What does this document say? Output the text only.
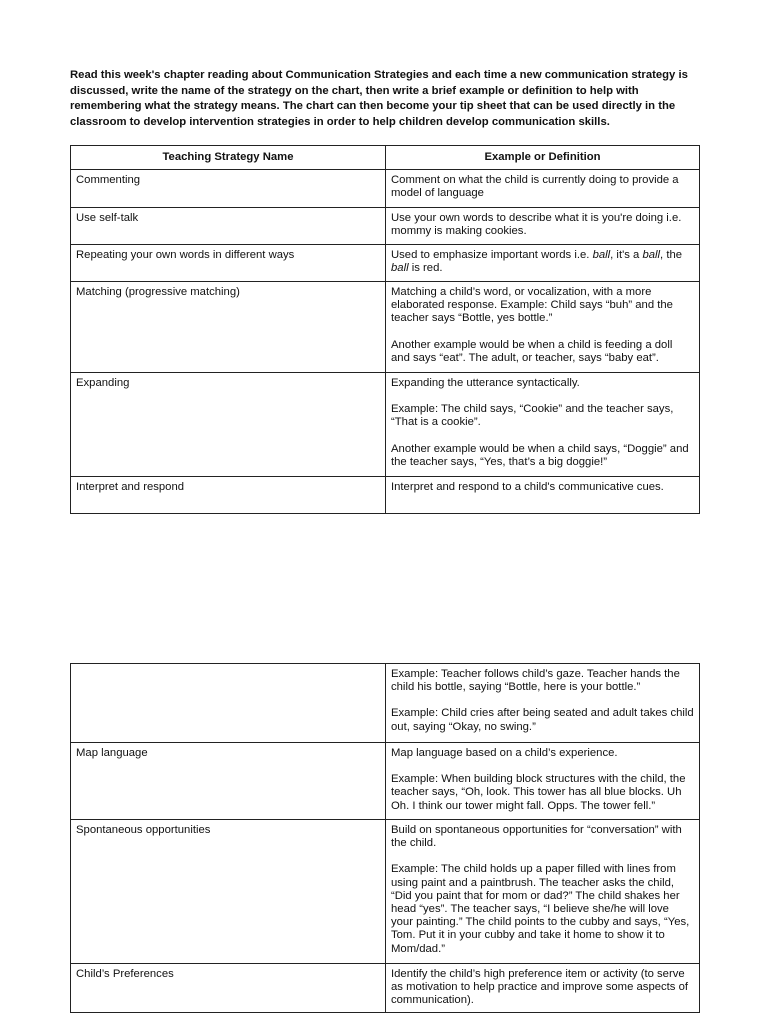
Read this week's chapter reading about Communication Strategies and each time a new communication strategy is discussed, write the name of the strategy on the chart, then write a brief example or definition to help with remembering what the strategy means. The chart can then become your tip sheet that can be used directly in the classroom to develop intervention strategies in order to help children develop communication skills.
Teaching Strategy Name	Example or Definition
Commenting	Comment on what the child is currently doing to provide a model of language

Use self-talk	Use your own words to describe what it is you're doing i.e. mommy is making cookies.

Repeating your own words in different ways	Used to emphasize important words i.e. ball, it's a ball, the ball is red.

Matching (progressive matching)	Matching a child’s word, or vocalization, with a more elaborated response. Example: Child says “buh” and the teacher says “Bottle, yes bottle.”

Another example would be when a child is feeding a doll and says “eat”. The adult, or teacher, says “baby eat”.

Expanding	Expanding the utterance syntactically.

Example: The child says, “Cookie” and the teacher says, “That is a cookie”.

Another example would be when a child says, “Doggie” and the teacher says, “Yes, that’s a big doggie!”

Interpret and respond	Interpret and respond to a child's communicative cues.

	Example: Teacher follows child’s gaze. Teacher hands the child his bottle, saying “Bottle, here is your bottle.”

Example: Child cries after being seated and adult takes child out, saying “Okay, no swing.”

Map language	Map language based on a child’s experience.

Example: When building block structures with the child, the teacher says, “Oh, look. This tower has all blue blocks. Uh Oh. I think our tower might fall. Opps. The tower fell.”

Spontaneous opportunities	Build on spontaneous opportunities for “conversation” with the child.

Example: The child holds up a paper filled with lines from using paint and a paintbrush. The teacher asks the child, “Did you paint that for mom or dad?” The child shakes her head “yes”. The teacher says, “I believe she/he will love your painting.” The child points to the cubby and says, “Yes, Tom. Put it in your cubby and take it home to show it to Mom/dad.”

Child’s Preferences	Identify the child’s high preference item or activity (to serve as motivation to help practice and improve some aspects of communication).
